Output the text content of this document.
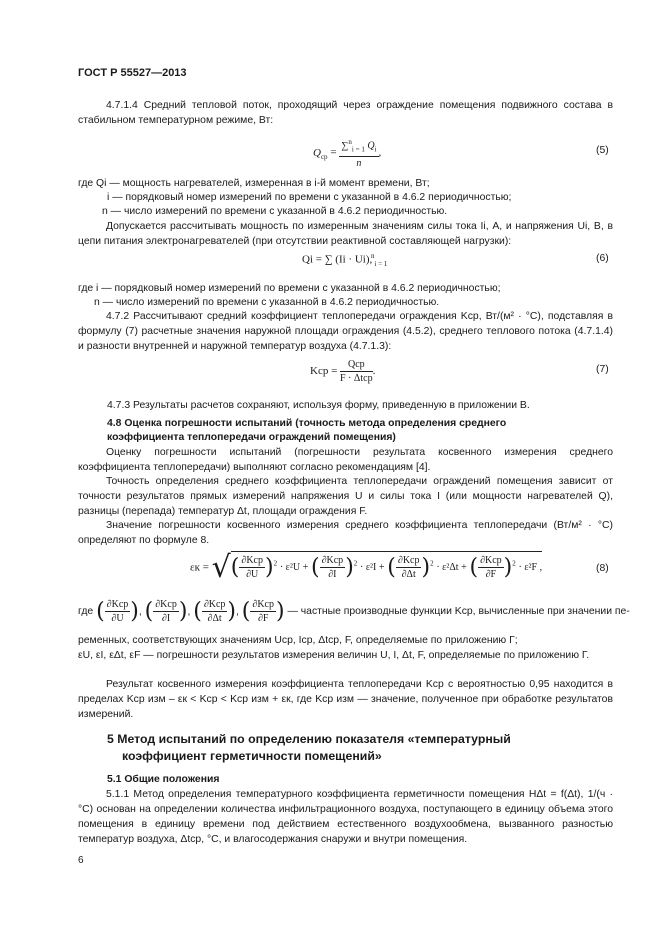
ГОСТ Р 55527—2013
4.7.1.4 Средний тепловой поток, проходящий через ограждение помещения подвижного состава в стабильном температурном режиме, Вт:
$Q_{ср} = \frac{\sum^n_{i = 1} Q_i}{n}$ ,	(5)
где Qi — мощность нагревателей, измеренная в i-й момент времени, Вт;
i — порядковый номер измерений по времени с указанной в 4.6.2 периодичностью;
n — число измерений по времени с указанной в 4.6.2 периодичностью.
Допускается рассчитывать мощность по измеренным значениям силы тока Ii, А, и напряжения Ui, В, в цепи питания электронагревателей (при отсутствии реактивной составляющей нагрузки):
Qi = ∑ (Ii · Ui), $^n_{i = 1}$	(6)
где i — порядковый номер измерений по времени с указанной в 4.6.2 периодичностью;
n — число измерений по времени с указанной в 4.6.2 периодичностью.
4.7.2 Рассчитывают средний коэффициент теплопередачи ограждения Kср, Вт/(м² · °С), подставляя в формулу (7) расчетные значения наружной площади ограждения (4.5.2), среднего теплового потока (4.7.1.4) и разности внутренней и наружной температур воздуха (4.7.1.3):
Kср = $\frac{\text{Qср}}{\text{F · Δtср}}$ .	(7)
4.7.3 Результаты расчетов сохраняют, используя форму, приведенную в приложении В.
4.8 Оценка погрешности испытаний (точность метода определения среднего
коэффициента теплопередачи ограждений помещения)
Оценку погрешности испытаний (погрешности результата косвенного измерения среднего коэффициента теплопередачи) выполняют согласно рекомендациям [4].
Точность определения среднего коэффициента теплопередачи ограждений помещения зависит от точности результатов прямых измерений напряжения U и силы тока I (или мощности нагревателей Q), разницы (перепада) температур Δt, площади ограждения F.
Значение погрешности косвенного измерения среднего коэффициента теплопередачи (Вт/м² · °С) определяют по формуле 8.
εк = √( $\frac{\text{∂Kср}}{\partial U} )^2 \cdot \varepsilon^2U$ + ( $\frac{\text{∂Kср}}{\partial I} )^2 \cdot \varepsilon^2I$ + ( $\frac{\text{∂Kср}}{\partial\Delta t} )^2 \cdot \varepsilon^2\Delta t$ + ( $\frac{\text{∂Kср}}{\partial F} )^2 \cdot \varepsilon^2F$ ,	(8)
где ( $\frac{\text{∂Kср}}{\partial U}$ ), ( $\frac{\text{∂Kср}}{\partial I}$ ), ( $\frac{\text{∂Kср}}{\partial\Delta t}$ ), ( $\frac{\text{∂Kср}}{\partial F}$ ) — частные производные функции Kср, вычисленные при значении пе-
ременных, соответствующих значениям Uср, Iср, Δtср, F, определяемые по приложению Г;
εU, εI, εΔt, εF — погрешности результатов измерения величин U, I, Δt, F, определяемые по приложению Г.
Результат косвенного измерения коэффициента теплопередачи Kср с вероятностью 0,95 находится в пределах Kср изм – εк < Kср < Kср изм + εк, где Kср изм — значение, полученное при обработке результатов измерений.
5 Метод испытаний по определению показателя «температурный
коэффициент герметичности помещений»
5.1 Общие положения
5.1.1 Метод определения температурного коэффициента герметичности помещения HΔt = f(Δt), 1/(ч · °С) основан на определении количества инфильтрационного воздуха, поступающего в единицу объема этого помещения в единицу времени под действием естественного воздухообмена, вызванного разностью температур воздуха, Δtср, °С, и влагосодержания снаружи и внутри помещения.
6
